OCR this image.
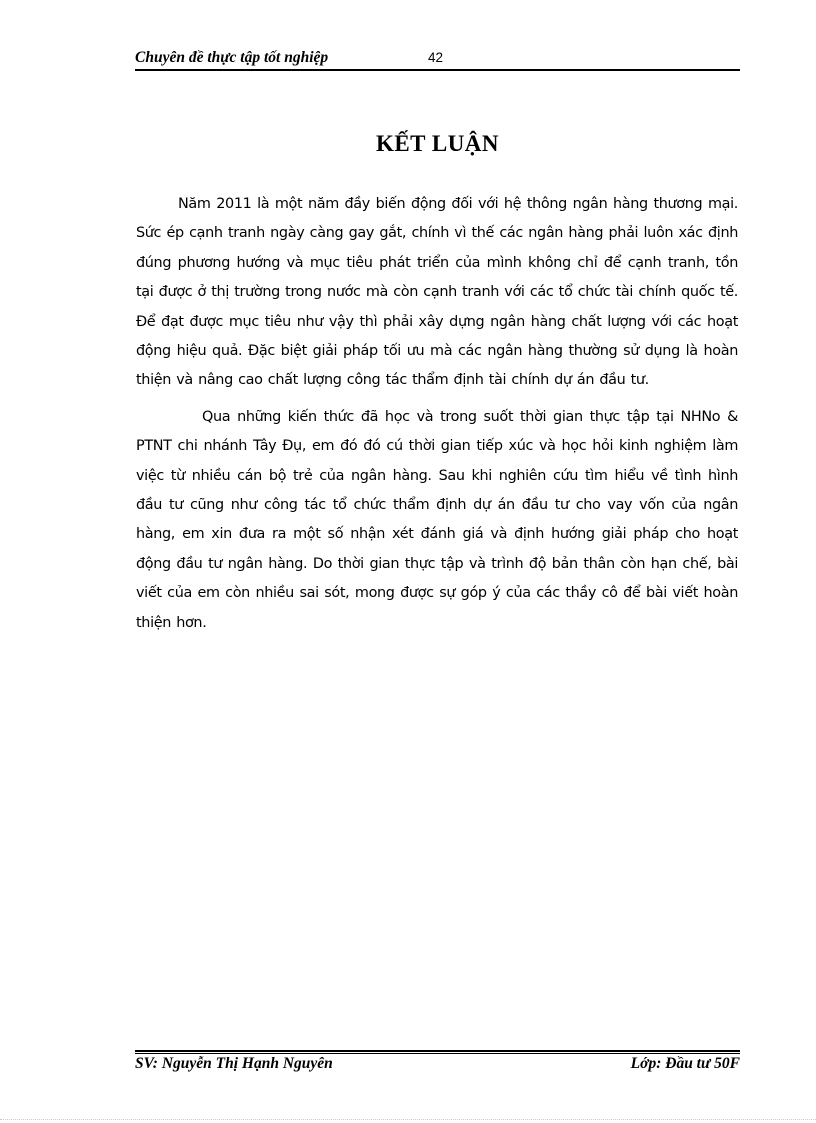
Chuyên đề thực tập tốt nghiệp	42
KẾT LUẬN

Năm 2011 là một năm đầy biến động đối với hệ thông ngân hàng thương mại. Sức ép cạnh tranh ngày càng gay gắt, chính vì thế các ngân hàng phải luôn xác định đúng phương hướng và mục tiêu phát triển của mình không chỉ để cạnh tranh, tồn tại được ở thị trường trong nước mà còn cạnh tranh với các tổ chức tài chính quốc tế. Để đạt được mục tiêu như vậy thì phải xây dựng ngân hàng chất lượng với các hoạt động hiệu quả. Đặc biệt giải pháp tối ưu mà các ngân hàng thường sử dụng là hoàn thiện và nâng cao chất lượng công tác thẩm định tài chính dự án đầu tư.

Qua những kiến thức đã học và trong suốt thời gian thực tập tại NHNo & PTNT chi nhánh Tây Đụ, em đó đó cú thời gian tiếp xúc và học hỏi kinh nghiệm làm việc từ nhiều cán bộ trẻ của ngân hàng. Sau khi nghiên cứu tìm hiểu về tình hình đầu tư cũng như công tác tổ chức thẩm định dự án đầu tư cho vay vốn của ngân hàng, em xin đưa ra một số nhận xét đánh giá và định hướng giải pháp cho hoạt động đầu tư ngân hàng. Do thời gian thực tập và trình độ bản thân còn hạn chế, bài viết của em còn nhiều sai sót, mong được sự góp ý của các thầy cô để bài viết hoàn thiện hơn.

SV: Nguyễn Thị Hạnh Nguyên	Lớp: Đầu tư 50F
